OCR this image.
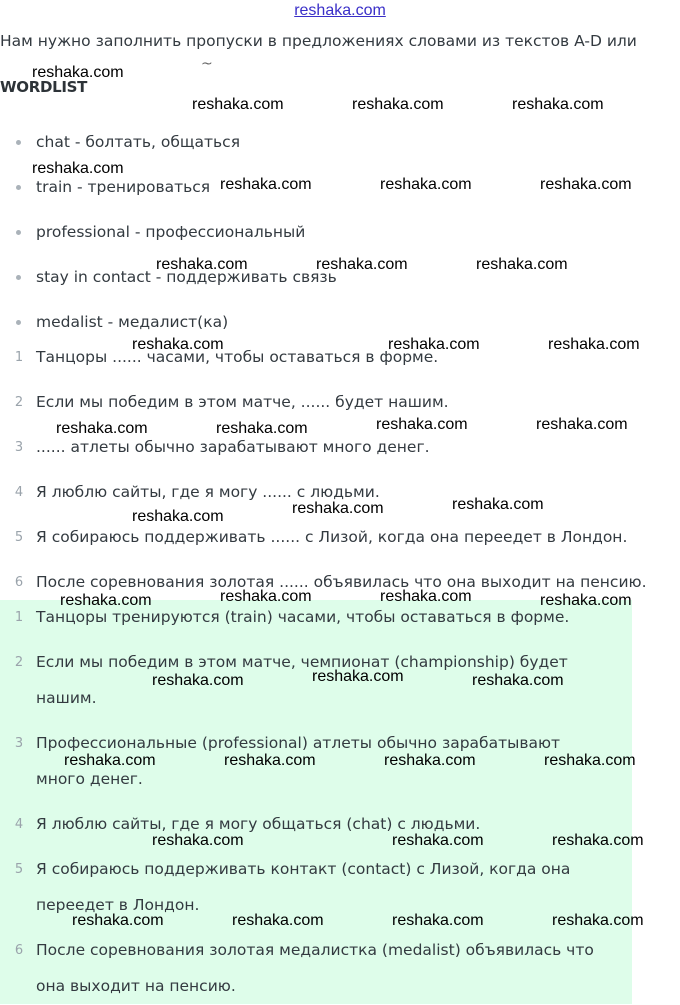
reshaka.com
Нам нужно заполнить пропуски в предложениях словами из текстов A-D или
~
WORDLIST
chat - болтать, общаться
train - тренироваться
professional - профессиональный
stay in contact - поддерживать связь
medalist - медалист(ка)
1 Танцоры ...... часами, чтобы оставаться в форме.
2 Если мы победим в этом матче, ...... будет нашим.
3 ...... атлеты обычно зарабатывают много денег.
4 Я люблю сайты, где я могу ...... с людьми.
5 Я собираюсь поддерживать ...... с Лизой, когда она переедет в Лондон.
6 После соревнования золотая ...... объявилась что она выходит на пенсию.
1 Танцоры тренируются (train) часами, чтобы оставаться в форме.
2 Если мы победим в этом матче, чемпионат (championship) будет
нашим.
3 Профессиональные (professional) атлеты обычно зарабатывают
много денег.
4 Я люблю сайты, где я могу общаться (chat) с людьми.
5 Я собираюсь поддерживать контакт (contact) с Лизой, когда она
переедет в Лондон.
6 После соревнования золотая медалистка (medalist) объявилась что
она выходит на пенсию.
reshaka.com
reshaka.com	reshaka.com	reshaka.com
reshaka.com
reshaka.com	reshaka.com	reshaka.com
reshaka.com	reshaka.com	reshaka.com
reshaka.com	reshaka.com	reshaka.com
reshaka.com	reshaka.com
reshaka.com	reshaka.com
reshaka.com
reshaka.com
reshaka.com
reshaka.com	reshaka.com
reshaka.com	reshaka.com
reshaka.com
reshaka.com	reshaka.com
reshaka.com	reshaka.com	reshaka.com	reshaka.com
reshaka.com	reshaka.com	reshaka.com
reshaka.com	reshaka.com	reshaka.com	reshaka.com
